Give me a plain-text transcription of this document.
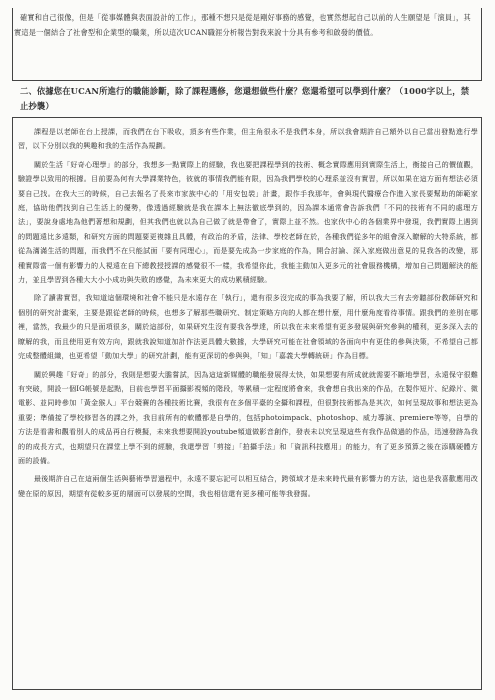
確實和自己很像，但是「從事媒體與表面設計的工作」，那種不想只是從是剛好事務的感覺，也實然想起自己以前的人生願望是「演員」，其實這是一個結合了社會型和企業型的職業，所以這次UCAN職涯分析報告對我來說十分具有參考和啟發的價值。

二、依據您在UCAN所進行的職能診斷，除了課程選修，您還想做些什麼？您還希望可以學到什麼？（1000字以上，禁止抄襲）

課程是以老師在台上授課，而我們在台下吸收，頂多有些作業，但主角很永不是我們本身，所以我會期許自己額外以自己當出發點進行學習，以下分別以我的興趣和我的生活作為規劃。

關於生活「好奇心理學」的部分，我想多一點實際上的經驗，我也要把課程學到的技術、概念實際應用到實際生活上，衡接自己的價值觀，驗證學以致用的根據。目前要為何有大學課業特色，彼就的事情我們能有限，因為我們學校的心理系並沒有實習，所以如果在這方面有想法必須要自己找。在我大三的時候，自己去報名了長來市家族中心的「用安包裝」計畫，跟作手我那年，會與現代醫療合作進入家長要幫助的師範家庭，協助他們找到自己生活上的優勢，像透過經驗就是我在課本上無法徹底學到的，因為課本通常會告訴我們「不同的技術有不同的處理方法」，要說身處地為他們著想和規劃，但其我們也就以為自己做了就是帶會了，實際上並不然。也家伙中心的各個業界中發現，我們實際上遇到的問題遠比多遠類，和研究方面的問題要更複雜且具體，有政治的矛盾，法律、學校老師在於，各種我們從多年的組會深入瞭解的大特系統，都從為滿滿生活的問題，而我們不在只能試面「要有同理心」，而是要先成為一步家庭的作為，開合討論、深入家庭做出意見的見我各的改變，那種實際當一個有影響力的人視遠在自下總教授授課的感覺很不一樣，我希望你此，我能主動加入更多元的社會服務機構，增加自己問題解決的能力，並且學習到各種大大小小成功與失敗的感覺，為未來更大的成功累積經驗。

除了讀書實習，我知道這個環境和社會不能只是水遠存在「執行」，還有很多沒完成的事為我要了解，所以我大三有去旁聽部份教師研究和個別的研究計畫案，主要是跟從老師的時候，也想多了解那些職研究、制定策略方向的人都在想什麼，用什麼角度看待事情。跟我們的差別在哪裡，當然，我最少的只是面項很多，關於這部份，如果研究生沒有要我各學達，所以我在未來希望有更多發展與研究參與的權利，更多深入去的瞭解的我，而且使用更有效方向，跟就我說知道加計作法更具體大數據，大學研究可能在社會領域的各面向中有更佳的參與決策，不希望自己都完成整體組織，也更希望「動加大學」的研究計劃，能有更深切的參與與，「知」「嘉義大學轉統研」作為目標。

關於興趣「好奇」的部分，我則是想要大膽嘗試，因為這這新媒體的職能發展得太快，如果想要有所成就就需要不斷地學習，永遠保守很難有突破，開設一個IG帳號是起點，目前也學習平面攝影視頻的階段，等累積一定程度將會來，我會想自我出來的作品，在製作短片、紀錄片、微電影、並同時參加「黃金猴人」平台競賽的各種技術比賽，我很有在多個平臺的全攝和課程，但很對技術都為是其次，如何呈現故事和想法更為重要；準備接了學校修習各的課之外，我目前所有的軟體都是自學的，包括photoimpack、photoshop、威力導演、premiere等等，自學的方法是看書和觀看別人的成品再自行模擬，未來我想要開設youtube頻道做影音創作，發表未以究呈現這些有我作品做過的作品，迅速發跡為我的的成長方式，也期望只在課堂上學不到的經驗，我還學習「剪接」「拍攝手法」和「資訊科技應用」的能力，有了更多預算之後在添購硬體方面的設備。

最後期許自己在這兩個生活與藝術學習過程中，永遠不要忘記可以相互結合，跨領域才是未來時代最有影響力的方法，這也是我喜歡應用改變在原的原因，期望有從較多更的層面可以發展的空間，我也相信還有更多種可能等我發掘。
